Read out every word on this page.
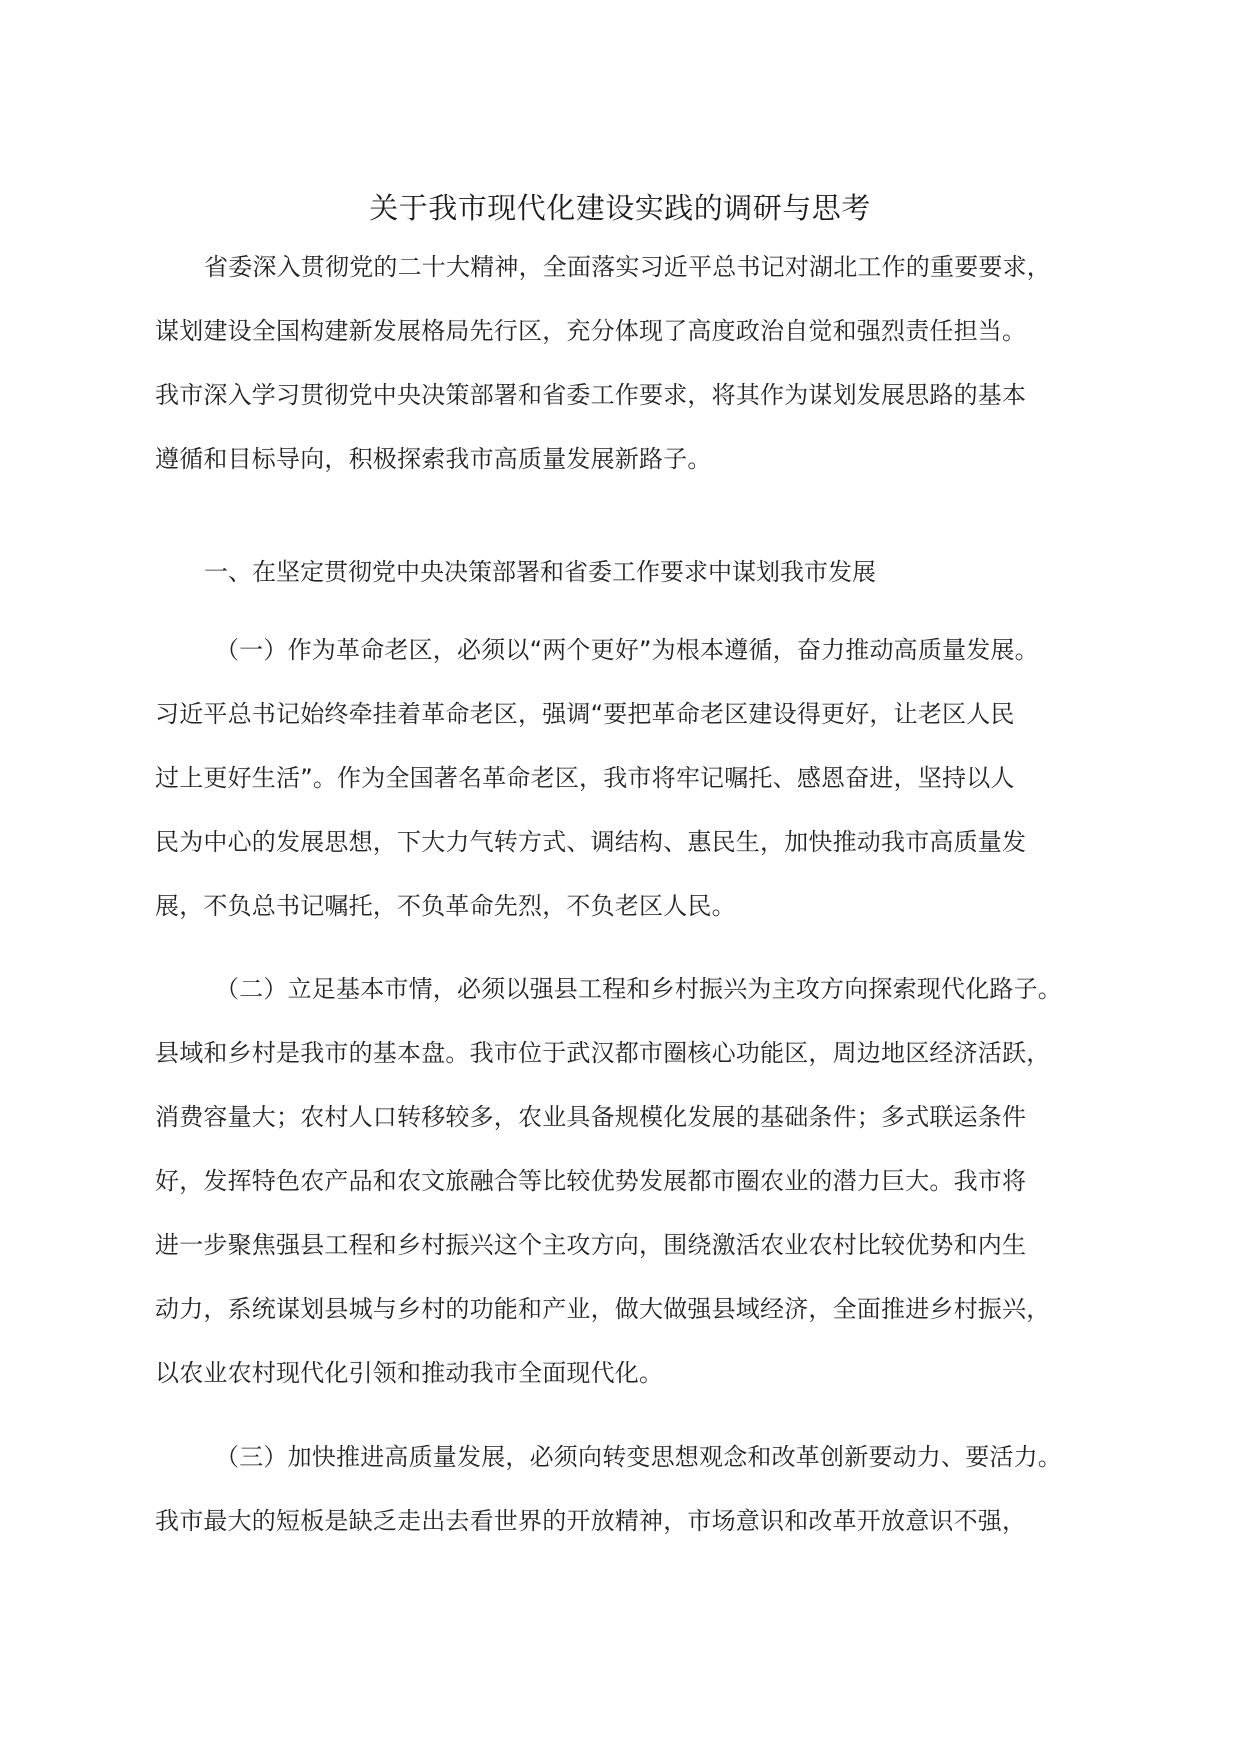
关于我市现代化建设实践的调研与思考

省委深入贯彻党的二十大精神，全面落实习近平总书记对湖北工作的重要要求，
谋划建设全国构建新发展格局先行区，充分体现了高度政治自觉和强烈责任担当。
我市深入学习贯彻党中央决策部署和省委工作要求，将其作为谋划发展思路的基本
遵循和目标导向，积极探索我市高质量发展新路子。

一、在坚定贯彻党中央决策部署和省委工作要求中谋划我市发展

（一）作为革命老区，必须以“两个更好”为根本遵循，奋力推动高质量发展。
习近平总书记始终牵挂着革命老区，强调“要把革命老区建设得更好，让老区人民
过上更好生活”。作为全国著名革命老区，我市将牢记嘱托、感恩奋进，坚持以人
民为中心的发展思想，下大力气转方式、调结构、惠民生，加快推动我市高质量发
展，不负总书记嘱托，不负革命先烈，不负老区人民。

（二）立足基本市情，必须以强县工程和乡村振兴为主攻方向探索现代化路子。
县域和乡村是我市的基本盘。我市位于武汉都市圈核心功能区，周边地区经济活跃，
消费容量大；农村人口转移较多，农业具备规模化发展的基础条件；多式联运条件
好，发挥特色农产品和农文旅融合等比较优势发展都市圈农业的潜力巨大。我市将
进一步聚焦强县工程和乡村振兴这个主攻方向，围绕激活农业农村比较优势和内生
动力，系统谋划县城与乡村的功能和产业，做大做强县域经济，全面推进乡村振兴，
以农业农村现代化引领和推动我市全面现代化。

（三）加快推进高质量发展，必须向转变思想观念和改革创新要动力、要活力。
我市最大的短板是缺乏走出去看世界的开放精神，市场意识和改革开放意识不强，
